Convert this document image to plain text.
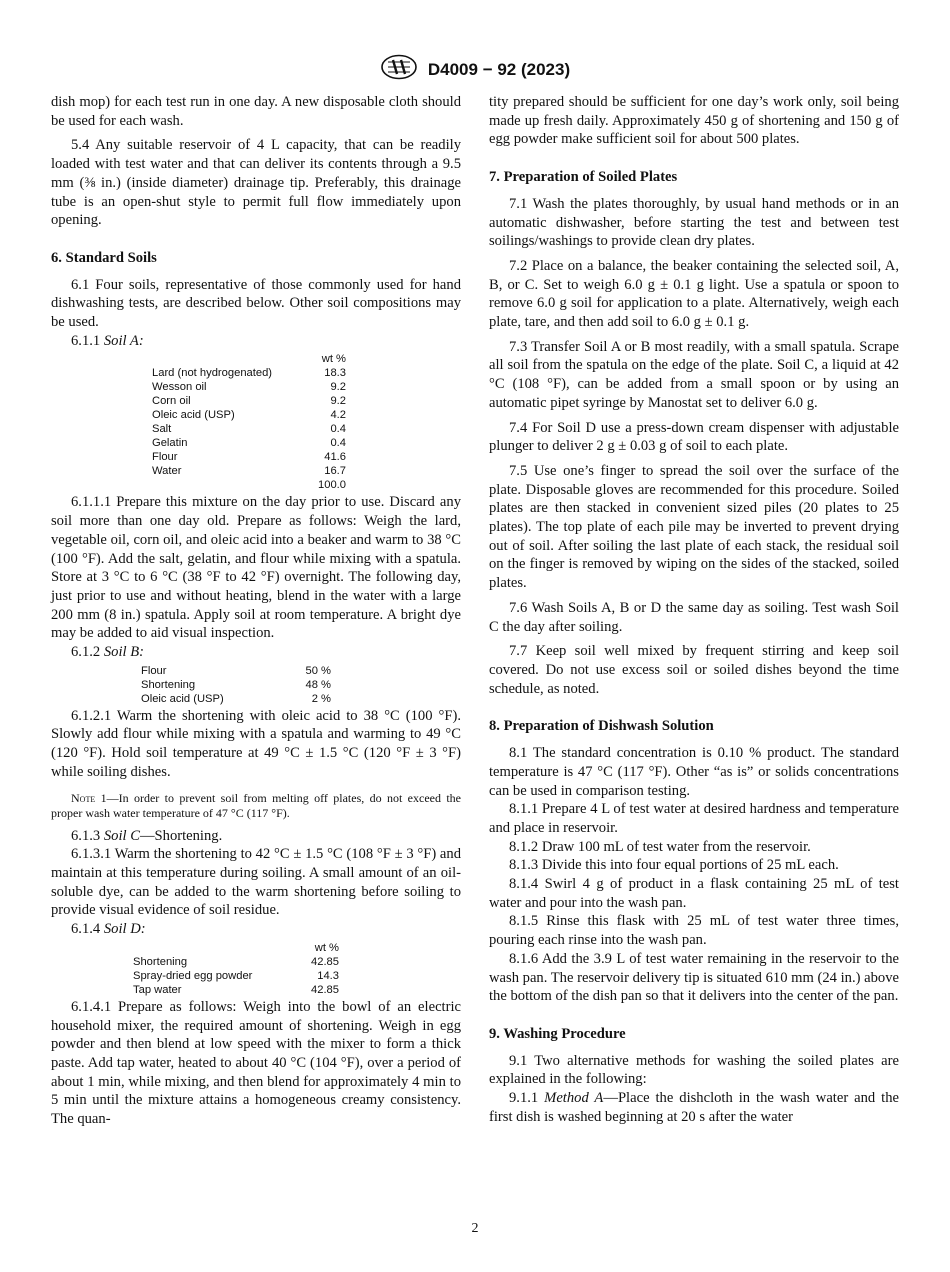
D4009 − 92 (2023)

dish mop) for each test run in one day. A new disposable cloth should be used for each wash.

5.4 Any suitable reservoir of 4 L capacity, that can be readily loaded with test water and that can deliver its contents through a 9.5 mm (⅜ in.) (inside diameter) drainage tip. Preferably, this drainage tube is an open-shut style to permit full flow immediately upon opening.

6. Standard Soils

6.1 Four soils, representative of those commonly used for hand dishwashing tests, are described below. Other soil compositions may be used.

6.1.1 Soil A:

	wt %
Lard (not hydrogenated)	18.3
Wesson oil	9.2
Corn oil	9.2
Oleic acid (USP)	4.2
Salt	0.4
Gelatin	0.4
Flour	41.6
Water	16.7
	100.0

6.1.1.1 Prepare this mixture on the day prior to use. Discard any soil more than one day old. Prepare as follows: Weigh the lard, vegetable oil, corn oil, and oleic acid into a beaker and warm to 38 °C (100 °F). Add the salt, gelatin, and flour while mixing with a spatula. Store at 3 °C to 6 °C (38 °F to 42 °F) overnight. The following day, just prior to use and without heating, blend in the water with a large 200 mm (8 in.) spatula. Apply soil at room temperature. A bright dye may be added to aid visual inspection.

6.1.2 Soil B:

Flour	50 %
Shortening	48 %
Oleic acid (USP)	2 %

6.1.2.1 Warm the shortening with oleic acid to 38 °C (100 °F). Slowly add flour while mixing with a spatula and warming to 49 °C (120 °F). Hold soil temperature at 49 °C ± 1.5 °C (120 °F ± 3 °F) while soiling dishes.

Note 1—In order to prevent soil from melting off plates, do not exceed the proper wash water temperature of 47 °C (117 °F).

6.1.3 Soil C—Shortening.

6.1.3.1 Warm the shortening to 42 °C ± 1.5 °C (108 °F ± 3 °F) and maintain at this temperature during soiling. A small amount of an oil-soluble dye, can be added to the warm shortening before soiling to provide visual evidence of soil residue.

6.1.4 Soil D:

	wt %
Shortening	42.85
Spray-dried egg powder	14.3
Tap water	42.85

6.1.4.1 Prepare as follows: Weigh into the bowl of an electric household mixer, the required amount of shortening. Weigh in egg powder and then blend at low speed with the mixer to form a thick paste. Add tap water, heated to about 40 °C (104 °F), over a period of about 1 min, while mixing, and then blend for approximately 4 min to 5 min until the mixture attains a homogeneous creamy consistency. The quan-

tity prepared should be sufficient for one day’s work only, soil being made up fresh daily. Approximately 450 g of shortening and 150 g of egg powder make sufficient soil for about 500 plates.

7. Preparation of Soiled Plates

7.1 Wash the plates thoroughly, by usual hand methods or in an automatic dishwasher, before starting the test and between test soilings/washings to provide clean dry plates.

7.2 Place on a balance, the beaker containing the selected soil, A, B, or C. Set to weigh 6.0 g ± 0.1 g light. Use a spatula or spoon to remove 6.0 g soil for application to a plate. Alternatively, weigh each plate, tare, and then add soil to 6.0 g ± 0.1 g.

7.3 Transfer Soil A or B most readily, with a small spatula. Scrape all soil from the spatula on the edge of the plate. Soil C, a liquid at 42 °C (108 °F), can be added from a small spoon or by using an automatic pipet syringe by Manostat set to deliver 6.0 g.

7.4 For Soil D use a press-down cream dispenser with adjustable plunger to deliver 2 g ± 0.03 g of soil to each plate.

7.5 Use one’s finger to spread the soil over the surface of the plate. Disposable gloves are recommended for this procedure. Soiled plates are then stacked in convenient sized piles (20 plates to 25 plates). The top plate of each pile may be inverted to prevent drying out of soil. After soiling the last plate of each stack, the residual soil on the finger is removed by wiping on the sides of the stacked, soiled plates.

7.6 Wash Soils A, B or D the same day as soiling. Test wash Soil C the day after soiling.

7.7 Keep soil well mixed by frequent stirring and keep soil covered. Do not use excess soil or soiled dishes beyond the time schedule, as noted.

8. Preparation of Dishwash Solution

8.1 The standard concentration is 0.10 % product. The standard temperature is 47 °C (117 °F). Other “as is” or solids concentrations can be used in comparison testing.

8.1.1 Prepare 4 L of test water at desired hardness and temperature and place in reservoir.

8.1.2 Draw 100 mL of test water from the reservoir.

8.1.3 Divide this into four equal portions of 25 mL each.

8.1.4 Swirl 4 g of product in a flask containing 25 mL of test water and pour into the wash pan.

8.1.5 Rinse this flask with 25 mL of test water three times, pouring each rinse into the wash pan.

8.1.6 Add the 3.9 L of test water remaining in the reservoir to the wash pan. The reservoir delivery tip is situated 610 mm (24 in.) above the bottom of the dish pan so that it delivers into the center of the pan.

9. Washing Procedure

9.1 Two alternative methods for washing the soiled plates are explained in the following:

9.1.1 Method A—Place the dishcloth in the wash water and the first dish is washed beginning at 20 s after the water

2
